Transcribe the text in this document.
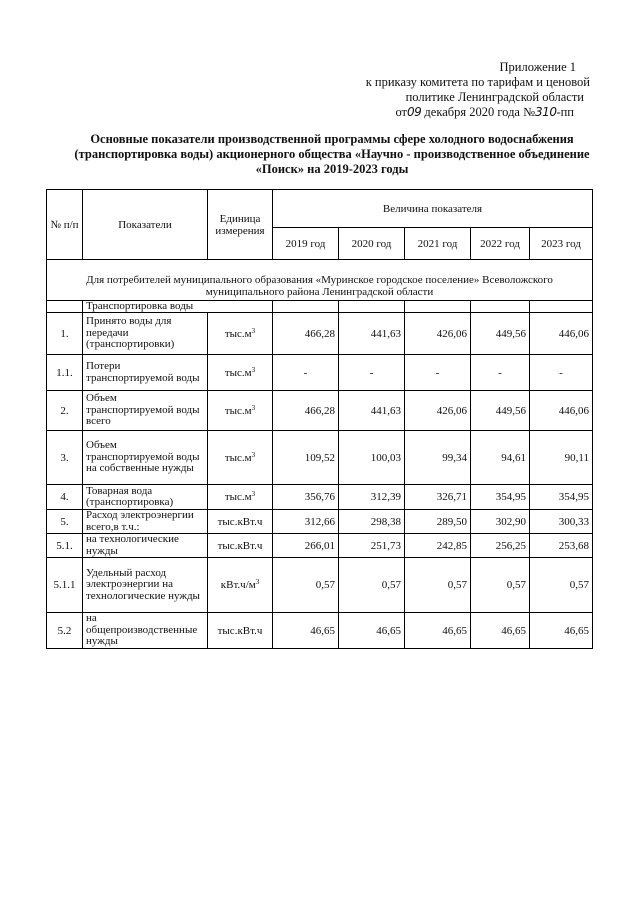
Приложение 1
к приказу комитета по тарифам и ценовой
политике Ленинградской области
от09 декабря 2020 года №310-пп
Основные показатели производственной программы сфере холодного водоснабжения
(транспортировка воды) акционерного общества «Научно - производственное объединение
«Поиск» на 2019-2023 годы
№ п/п	Показатели	Единица измерения	Величина показателя				
			2019 год	2020 год	2021 год	2022 год	2023 год

Для потребителей муниципального образования «Муринское городское поселение» Всеволожского муниципального района Ленинградской области							
	Транспортировка воды						
1.	Принято воды для передачи (транспортировки)	$тыс.м^3$	466,28	441,63	426,06	449,56	446,06
1.1.	Потери транспортируемой воды	$тыс.м^3$	-	-	-	-	-
2.	Объем транспортируемой воды всего	$тыс.м^3$	466,28	441,63	426,06	449,56	446,06
3.	Объем транспортируемой воды на собственные нужды	$тыс.м^3$	109,52	100,03	99,34	94,61	90,11
4.	Товарная вода (транспортировка)	$тыс.м^3$	356,76	312,39	326,71	354,95	354,95
5.	Расход электроэнергии всего,в т.ч.:	тыс.кВт.ч	312,66	298,38	289,50	302,90	300,33
5.1.	на технологические нужды	тыс.кВт.ч	266,01	251,73	242,85	256,25	253,68
5.1.1	Удельный расход электроэнергии на технологические нужды	$кВт.ч/м^3$	0,57	0,57	0,57	0,57	0,57
5.2	на общепроизводственные нужды	тыс.кВт.ч	46,65	46,65	46,65	46,65	46,65
